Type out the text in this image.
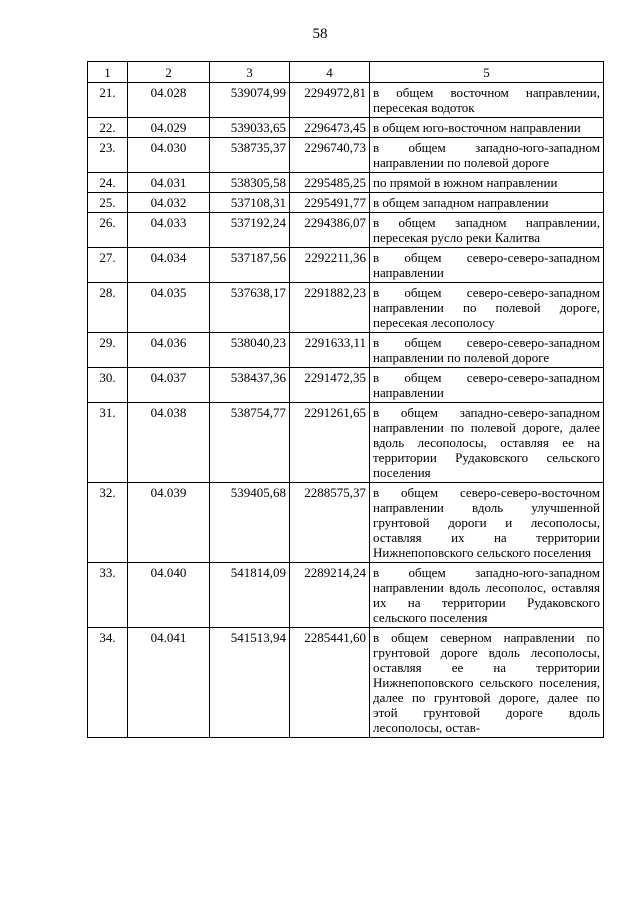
58
1	2	3	4	5
21.	04.028	539074,99	2294972,81	в общем восточном направлении, пересекая водоток
22.	04.029	539033,65	2296473,45	в общем юго-восточном направлении
23.	04.030	538735,37	2296740,73	в общем западно-юго-западном направлении по полевой дороге
24.	04.031	538305,58	2295485,25	по прямой в южном направлении
25.	04.032	537108,31	2295491,77	в общем западном направлении
26.	04.033	537192,24	2294386,07	в общем западном направлении, пересекая русло реки Калитва
27.	04.034	537187,56	2292211,36	в общем северо-северо-западном направлении
28.	04.035	537638,17	2291882,23	в общем северо-северо-западном направлении по полевой дороге, пересекая лесополосу
29.	04.036	538040,23	2291633,11	в общем северо-северо-западном направлении по полевой дороге
30.	04.037	538437,36	2291472,35	в общем северо-северо-западном направлении
31.	04.038	538754,77	2291261,65	в общем западно-северо-западном направлении по полевой дороге, далее вдоль лесополосы, оставляя ее на территории Рудаковского сельского поселения
32.	04.039	539405,68	2288575,37	в общем северо-северо-восточном направлении вдоль улучшенной грунтовой дороги и лесополосы, оставляя их на территории Нижнепоповского сельского поселения
33.	04.040	541814,09	2289214,24	в общем западно-юго-западном направлении вдоль лесополос, оставляя их на территории Рудаковского сельского поселения
34.	04.041	541513,94	2285441,60	в общем северном направлении по грунтовой дороге вдоль лесополосы, оставляя ее на территории Нижнепоповского сельского поселения, далее по грунтовой дороге, далее по этой грунтовой дороге вдоль лесополосы, остав-
